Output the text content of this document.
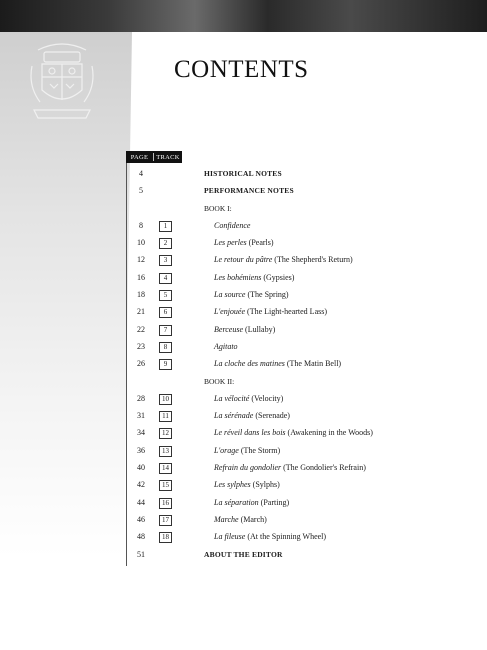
CONTENTS
PAGE	TRACK
4	HISTORICAL NOTES
5	PERFORMANCE NOTES
BOOK I:
8	1	Confidence
10	2	Les perles (Pearls)
12	3	Le retour du pâtre (The Shepherd's Return)
16	4	Les bohémiens (Gypsies)
18	5	La source (The Spring)
21	6	L'enjouée (The Light-hearted Lass)
22	7	Berceuse (Lullaby)
23	8	Agitato
26	9	La cloche des matines (The Matin Bell)
BOOK II:
28	10	La vélocité (Velocity)
31	11	La sérénade (Serenade)
34	12	Le réveil dans les bois (Awakening in the Woods)
36	13	L'orage (The Storm)
40	14	Refrain du gondolier (The Gondolier's Refrain)
42	15	Les sylphes (Sylphs)
44	16	La séparation (Parting)
46	17	Marche (March)
48	18	La fileuse (At the Spinning Wheel)
51	ABOUT THE EDITOR
